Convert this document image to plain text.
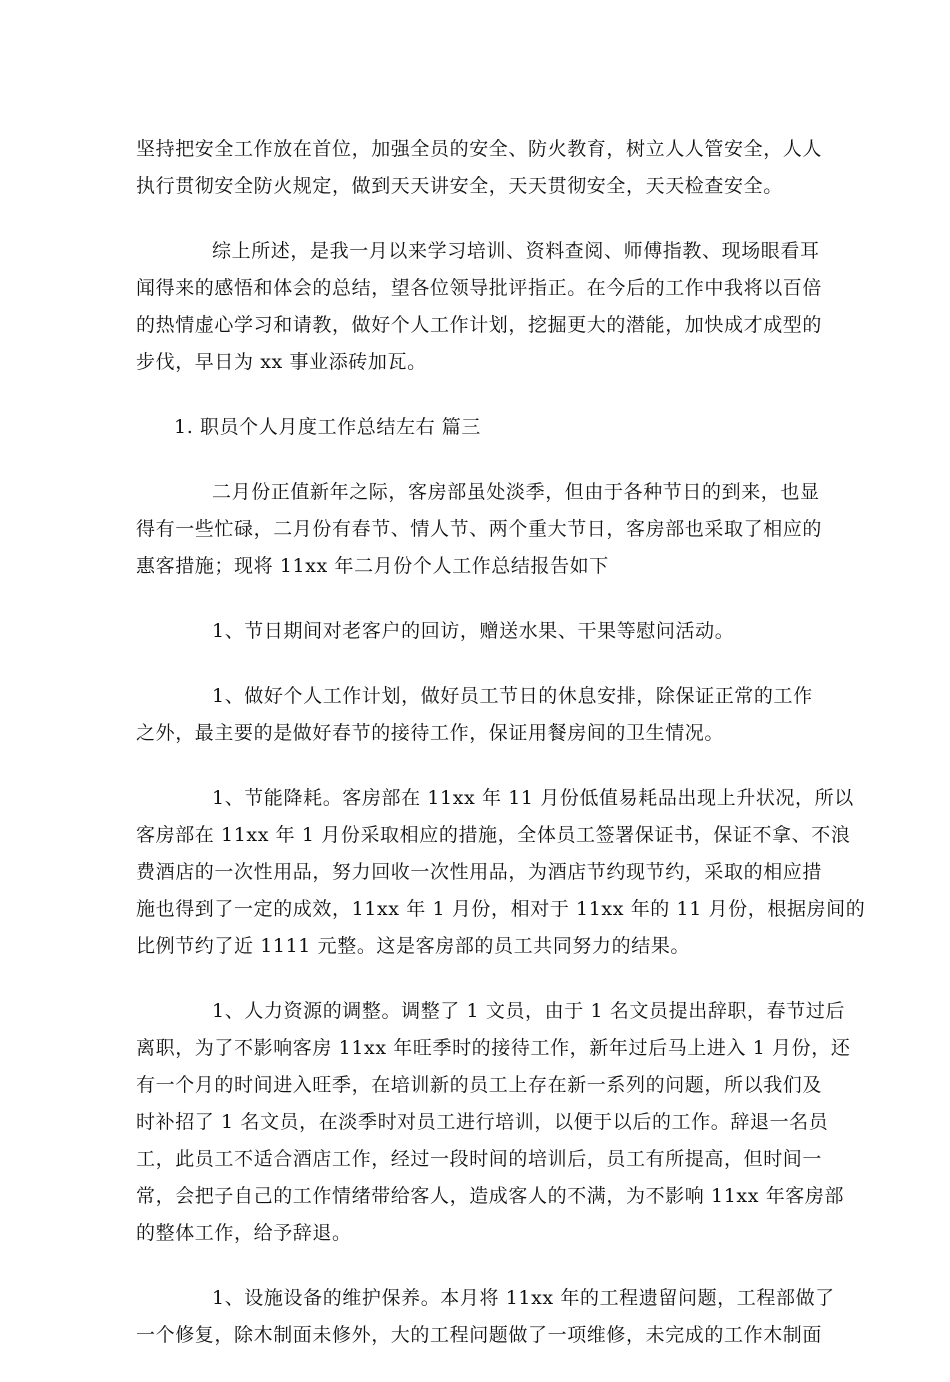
坚持把安全工作放在首位，加强全员的安全、防火教育，树立人人管安全，人人
执行贯彻安全防火规定，做到天天讲安全，天天贯彻安全，天天检查安全。

综上所述，是我一月以来学习培训、资料查阅、师傅指教、现场眼看耳
闻得来的感悟和体会的总结，望各位领导批评指正。在今后的工作中我将以百倍
的热情虚心学习和请教，做好个人工作计划，挖掘更大的潜能，加快成才成型的
步伐，早日为 xx 事业添砖加瓦。

1. 职员个人月度工作总结左右 篇三

二月份正值新年之际，客房部虽处淡季，但由于各种节日的到来，也显
得有一些忙碌，二月份有春节、情人节、两个重大节日，客房部也采取了相应的
惠客措施；现将 11xx 年二月份个人工作总结报告如下

1、节日期间对老客户的回访，赠送水果、干果等慰问活动。

1、做好个人工作计划，做好员工节日的休息安排，除保证正常的工作
之外，最主要的是做好春节的接待工作，保证用餐房间的卫生情况。

1、节能降耗。客房部在 11xx 年 11 月份低值易耗品出现上升状况，所以
客房部在 11xx 年 1 月份采取相应的措施，全体员工签署保证书，保证不拿、不浪
费酒店的一次性用品，努力回收一次性用品，为酒店节约现节约，采取的相应措
施也得到了一定的成效，11xx 年 1 月份，相对于 11xx 年的 11 月份，根据房间的
比例节约了近 1111 元整。这是客房部的员工共同努力的结果。

1、人力资源的调整。调整了 1 文员，由于 1 名文员提出辞职，春节过后
离职，为了不影响客房 11xx 年旺季时的接待工作，新年过后马上进入 1 月份，还
有一个月的时间进入旺季，在培训新的员工上存在新一系列的问题，所以我们及
时补招了 1 名文员，在淡季时对员工进行培训，以便于以后的工作。辞退一名员
工，此员工不适合酒店工作，经过一段时间的培训后，员工有所提高，但时间一
常，会把子自己的工作情绪带给客人，造成客人的不满，为不影响 11xx 年客房部
的整体工作，给予辞退。

1、设施设备的维护保养。本月将 11xx 年的工程遗留问题，工程部做了
一个修复，除木制面未修外，大的工程问题做了一项维修，未完成的工作木制面
